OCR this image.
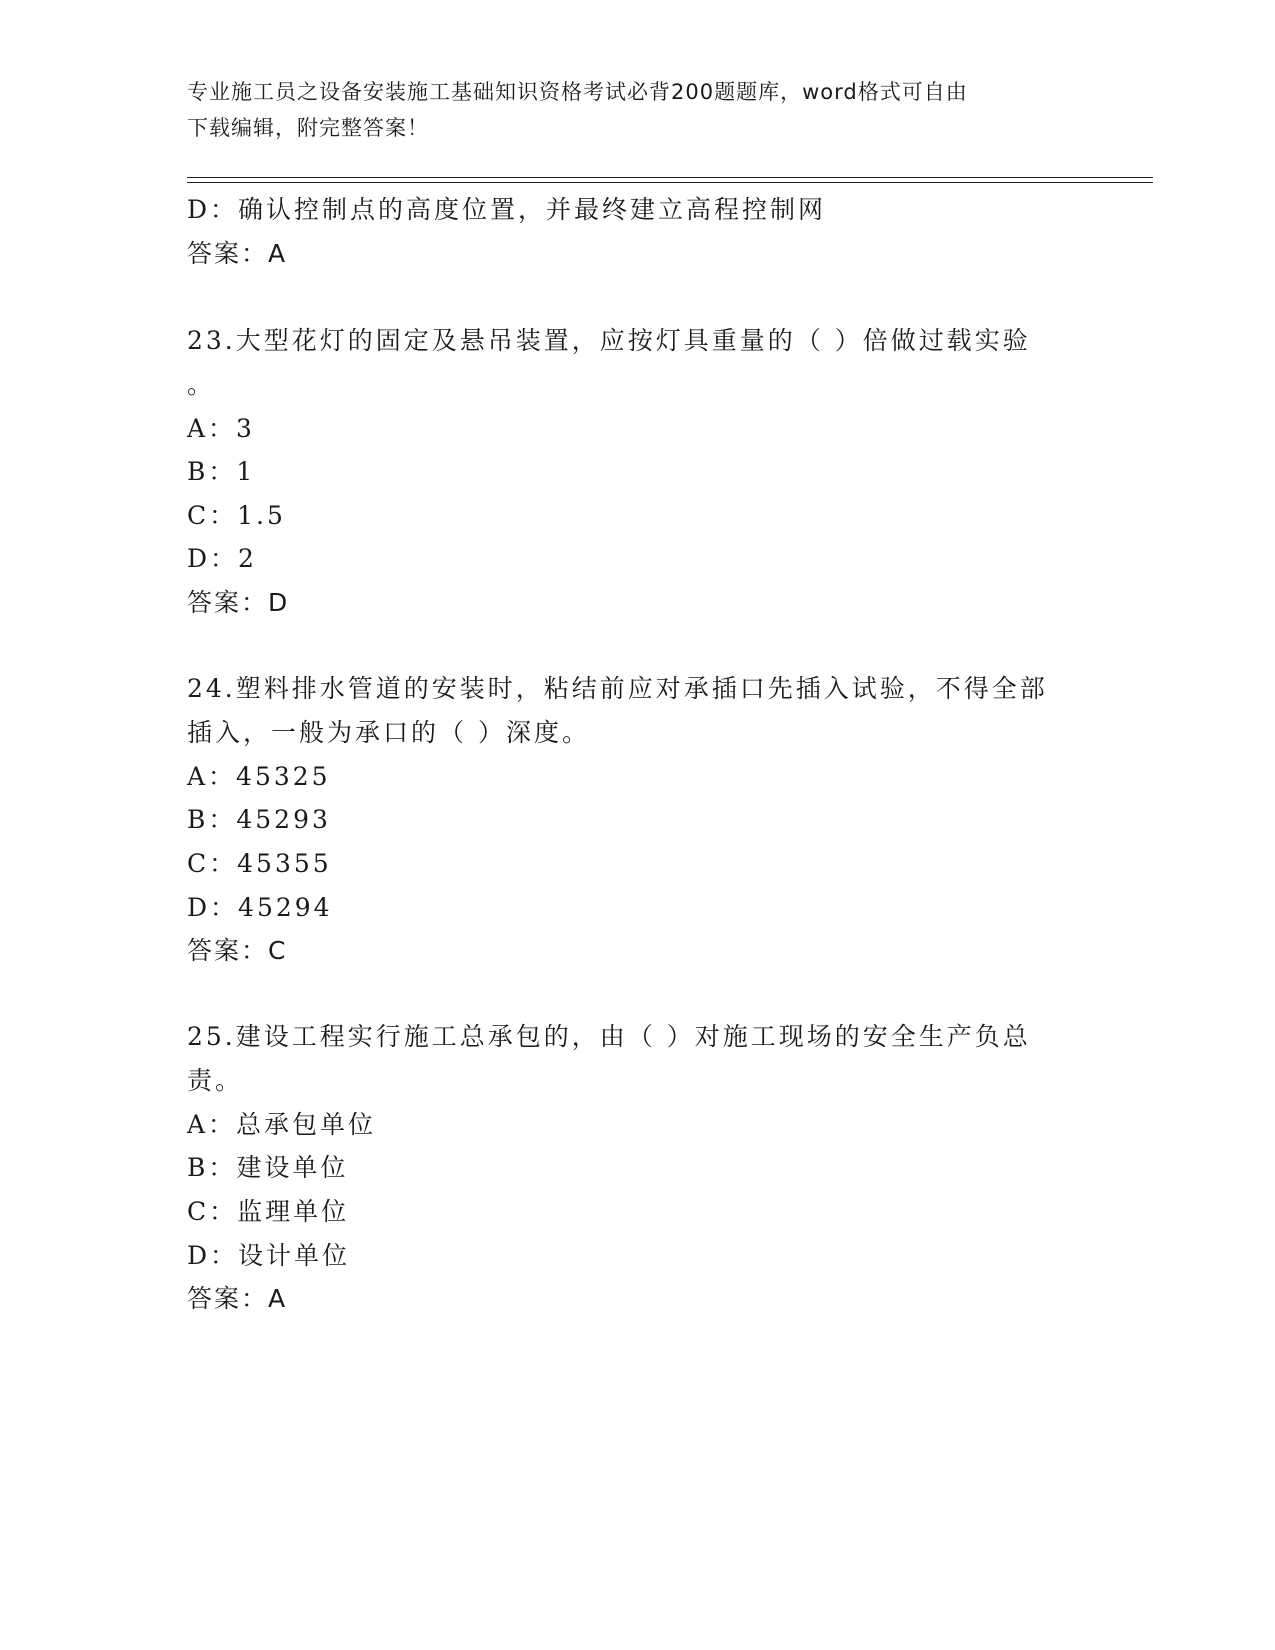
专业施工员之设备安装施工基础知识资格考试必背200题题库，word格式可自由
下载编辑，附完整答案！
D：确认控制点的高度位置，并最终建立高程控制网
答案：A
23.大型花灯的固定及悬吊装置，应按灯具重量的（ ）倍做过载实验
。
A：3
B：1
C：1.5
D：2
答案：D
24.塑料排水管道的安装时，粘结前应对承插口先插入试验，不得全部
插入，一般为承口的（ ）深度。
A：45325
B：45293
C：45355
D：45294
答案：C
25.建设工程实行施工总承包的，由（ ）对施工现场的安全生产负总
责。
A：总承包单位
B：建设单位
C：监理单位
D：设计单位
答案：A
